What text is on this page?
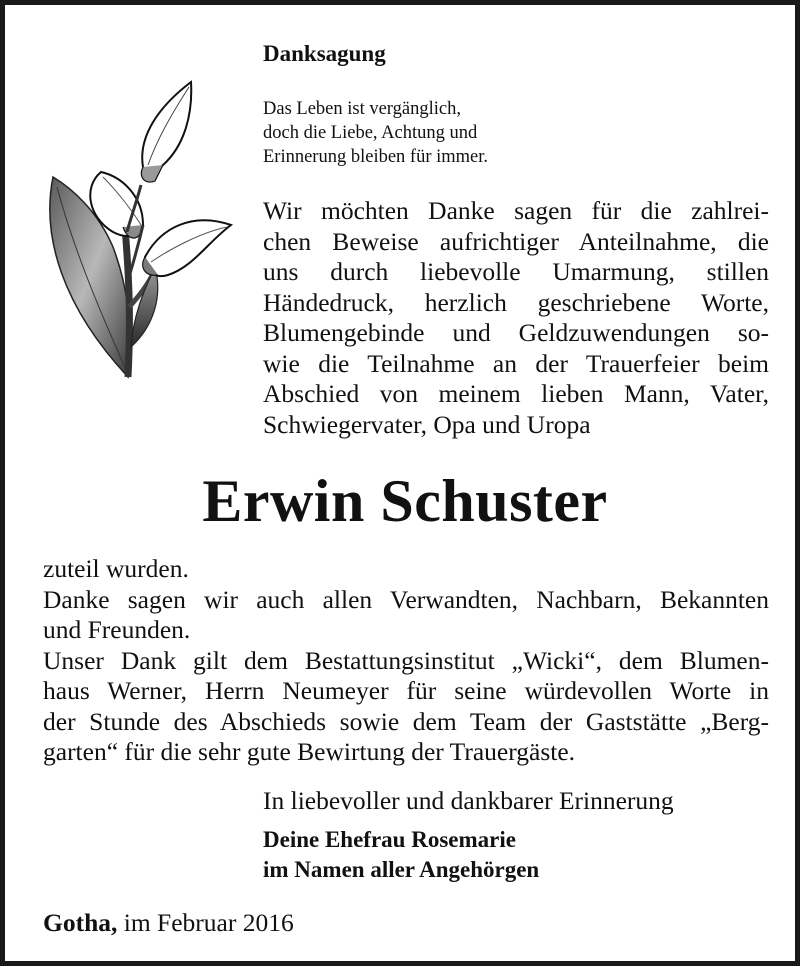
Danksagung
Das Leben ist vergänglich,
doch die Liebe, Achtung und
Erinnerung bleiben für immer.
Wir möchten Danke sagen für die zahlrei-
chen Beweise aufrichtiger Anteilnahme, die
uns durch liebevolle Umarmung, stillen
Händedruck, herzlich geschriebene Worte,
Blumengebinde und Geldzuwendungen so-
wie die Teilnahme an der Trauerfeier beim
Abschied von meinem lieben Mann, Vater,
Schwiegervater, Opa und Uropa
Erwin Schuster
zuteil wurden.
Danke sagen wir auch allen Verwandten, Nachbarn, Bekannten
und Freunden.
Unser Dank gilt dem Bestattungsinstitut „Wicki“, dem Blumen-
haus Werner, Herrn Neumeyer für seine würdevollen Worte in
der Stunde des Abschieds sowie dem Team der Gaststätte „Berg-
garten“ für die sehr gute Bewirtung der Trauergäste.
In liebevoller und dankbarer Erinnerung
Deine Ehefrau Rosemarie
im Namen aller Angehörgen
Gotha, im Februar 2016
